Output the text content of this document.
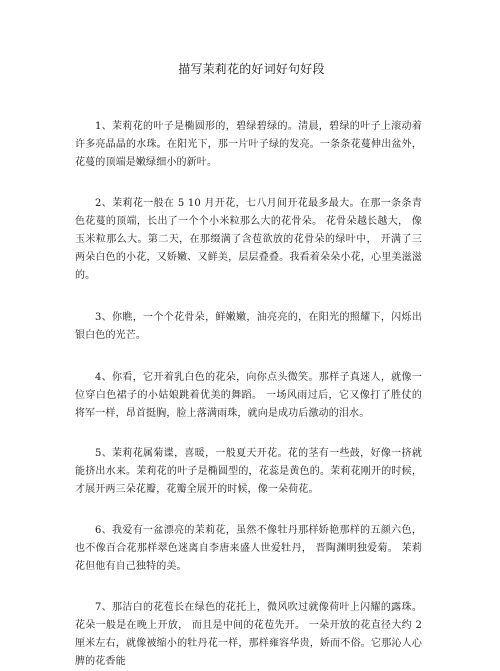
描写茉莉花的好词好句好段

1、茉莉花的叶子是椭圆形的，碧绿碧绿的。清晨，碧绿的叶子上滚动着许多亮晶晶的水珠。在阳光下，那一片叶子绿的发亮。一条条花蔓伸出盆外，花蔓的顶端是嫩绿细小的新叶。

2、茉莉花一般在 5 10 月开花，七八月间开花最多最大。在那一条条青色花蔓的顶端，长出了一个个小米粒那么大的花骨朵。 花骨朵越长越大， 像玉米粒那么大。第二天，在那缀满了含苞欲放的花骨朵的绿叶中， 开满了三两朵白色的小花，又娇嫩、又鲜美，层层叠叠。我看着朵朵小花，心里美滋滋的。

3、你瞧，一个个花骨朵，鲜嫩嫩，油亮亮的，在阳光的照耀下，闪烁出银白色的光芒。

4、你看，它开着乳白色的花朵，向你点头微笑。那样子真迷人，就像一位穿白色裙子的小姑娘跳着优美的舞蹈。 一场风雨过后，它又像打了胜仗的将军一样，昂首挺胸，脸上落满雨珠，就向是成功后激动的泪水。

5、茉莉花属菊谍，喜暖，一般夏天开花。花的茎有一些鼓，好像一挤就能挤出水来。茉莉花的叶子是椭圆型的，花蕊是黄色的。茉莉花刚开的时候，才展开两三朵花瓣，花瓣全展开的时候，像一朵荷花。

6、我爱有一盆漂亮的茉莉花，虽然不像牡丹那样娇艳那样的五颜六色，也不像百合花那样翠色迷离自李唐来盛人世爱牡丹， 晋陶渊明独爱菊。 茉莉花但他有自己独特的美。

7、那洁白的花苞长在绿色的花托上，微风吹过就像荷叶上闪耀的露珠。花朵一般是在晚上开放， 而且是中间的花苞先开。 一朵开放的花直径大约 2 厘米左右，就像被缩小的牡丹花一样，那样雍容华贵，娇而不俗。它那沁人心脾的花香能
